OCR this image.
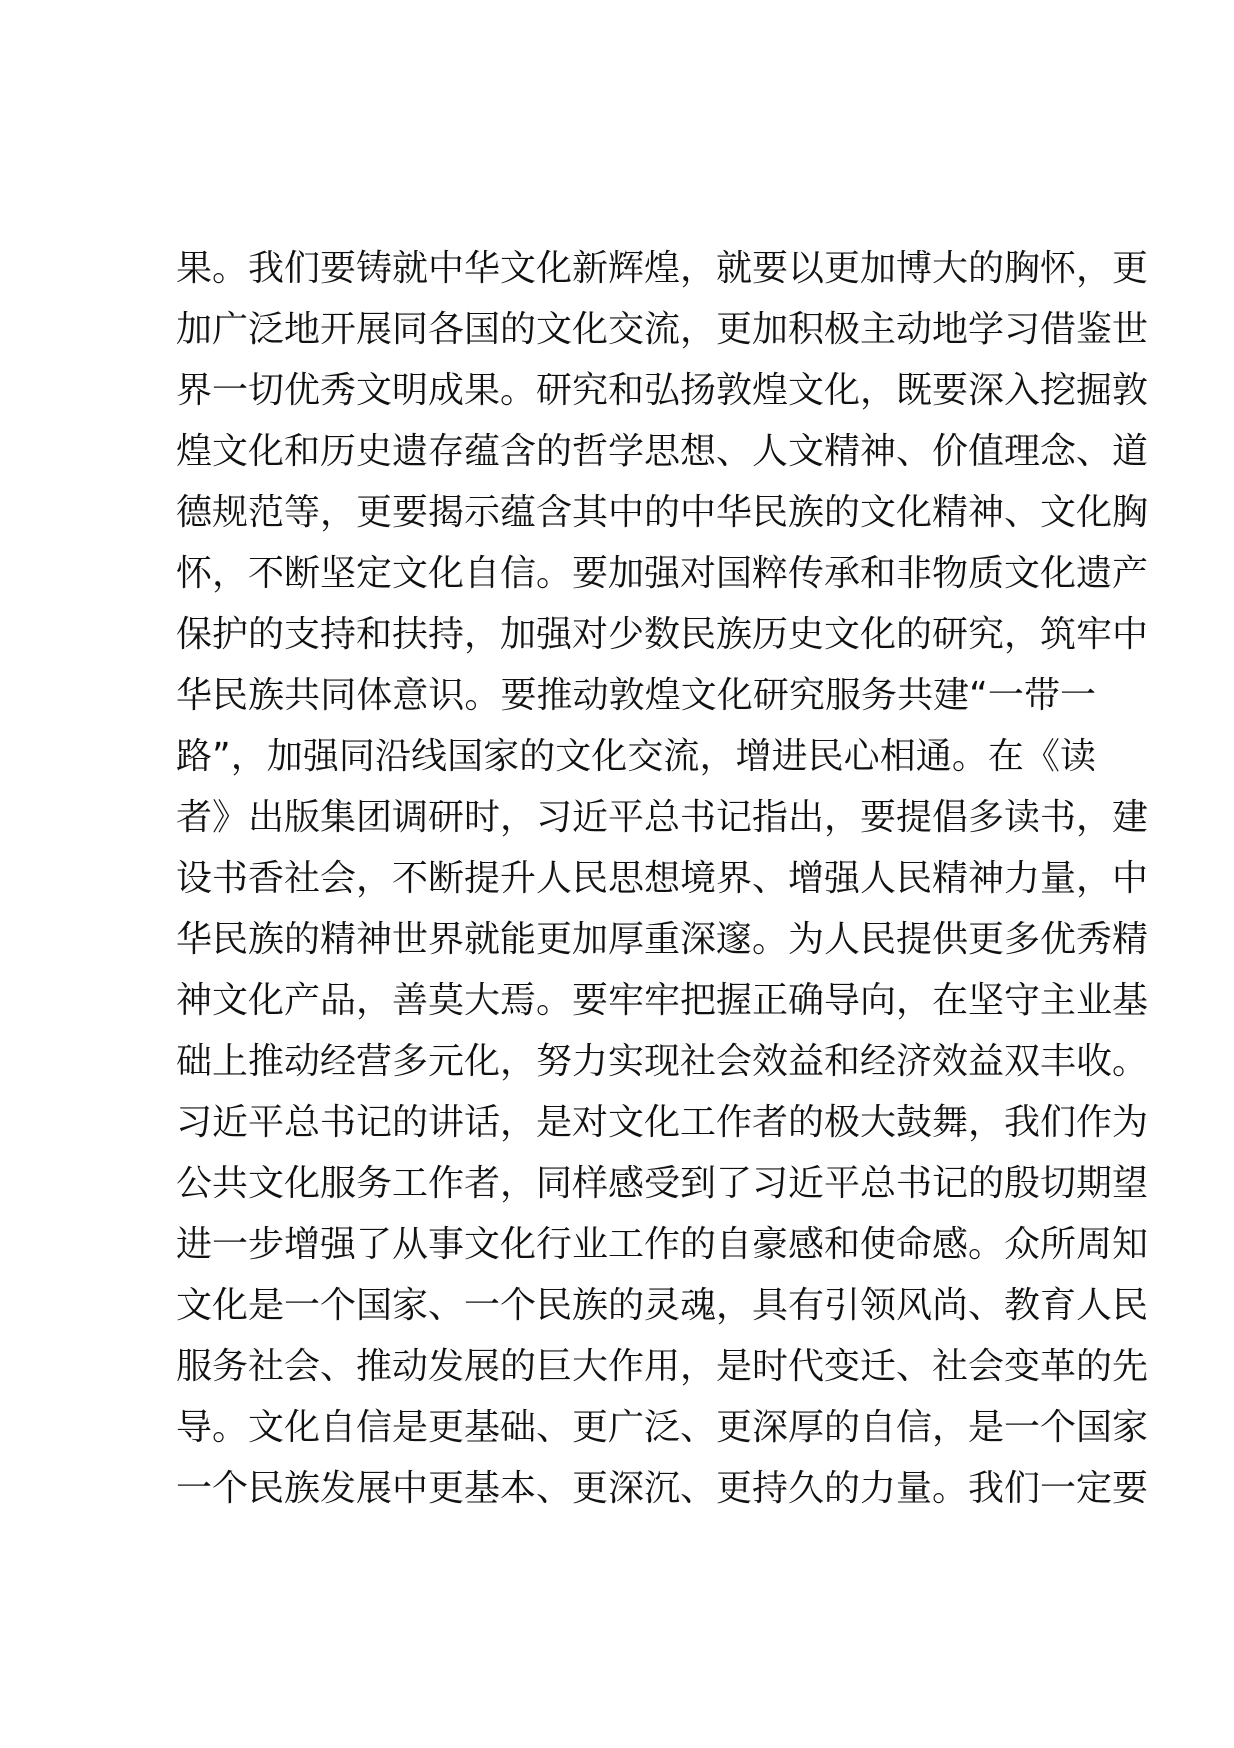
果。我们要铸就中华文化新辉煌，就要以更加博大的胸怀，更
加广泛地开展同各国的文化交流，更加积极主动地学习借鉴世
界一切优秀文明成果。研究和弘扬敦煌文化，既要深入挖掘敦
煌文化和历史遗存蕴含的哲学思想、人文精神、价值理念、道
德规范等，更要揭示蕴含其中的中华民族的文化精神、文化胸
怀，不断坚定文化自信。要加强对国粹传承和非物质文化遗产
保护的支持和扶持，加强对少数民族历史文化的研究，筑牢中
华民族共同体意识。要推动敦煌文化研究服务共建“一带一
路”，加强同沿线国家的文化交流，增进民心相通。在《读
者》出版集团调研时，习近平总书记指出，要提倡多读书，建
设书香社会，不断提升人民思想境界、增强人民精神力量，中
华民族的精神世界就能更加厚重深邃。为人民提供更多优秀精
神文化产品，善莫大焉。要牢牢把握正确导向，在坚守主业基
础上推动经营多元化，努力实现社会效益和经济效益双丰收。
习近平总书记的讲话，是对文化工作者的极大鼓舞，我们作为
公共文化服务工作者，同样感受到了习近平总书记的殷切期望
进一步增强了从事文化行业工作的自豪感和使命感。众所周知
文化是一个国家、一个民族的灵魂，具有引领风尚、教育人民
服务社会、推动发展的巨大作用，是时代变迁、社会变革的先
导。文化自信是更基础、更广泛、更深厚的自信，是一个国家
一个民族发展中更基本、更深沉、更持久的力量。我们一定要
